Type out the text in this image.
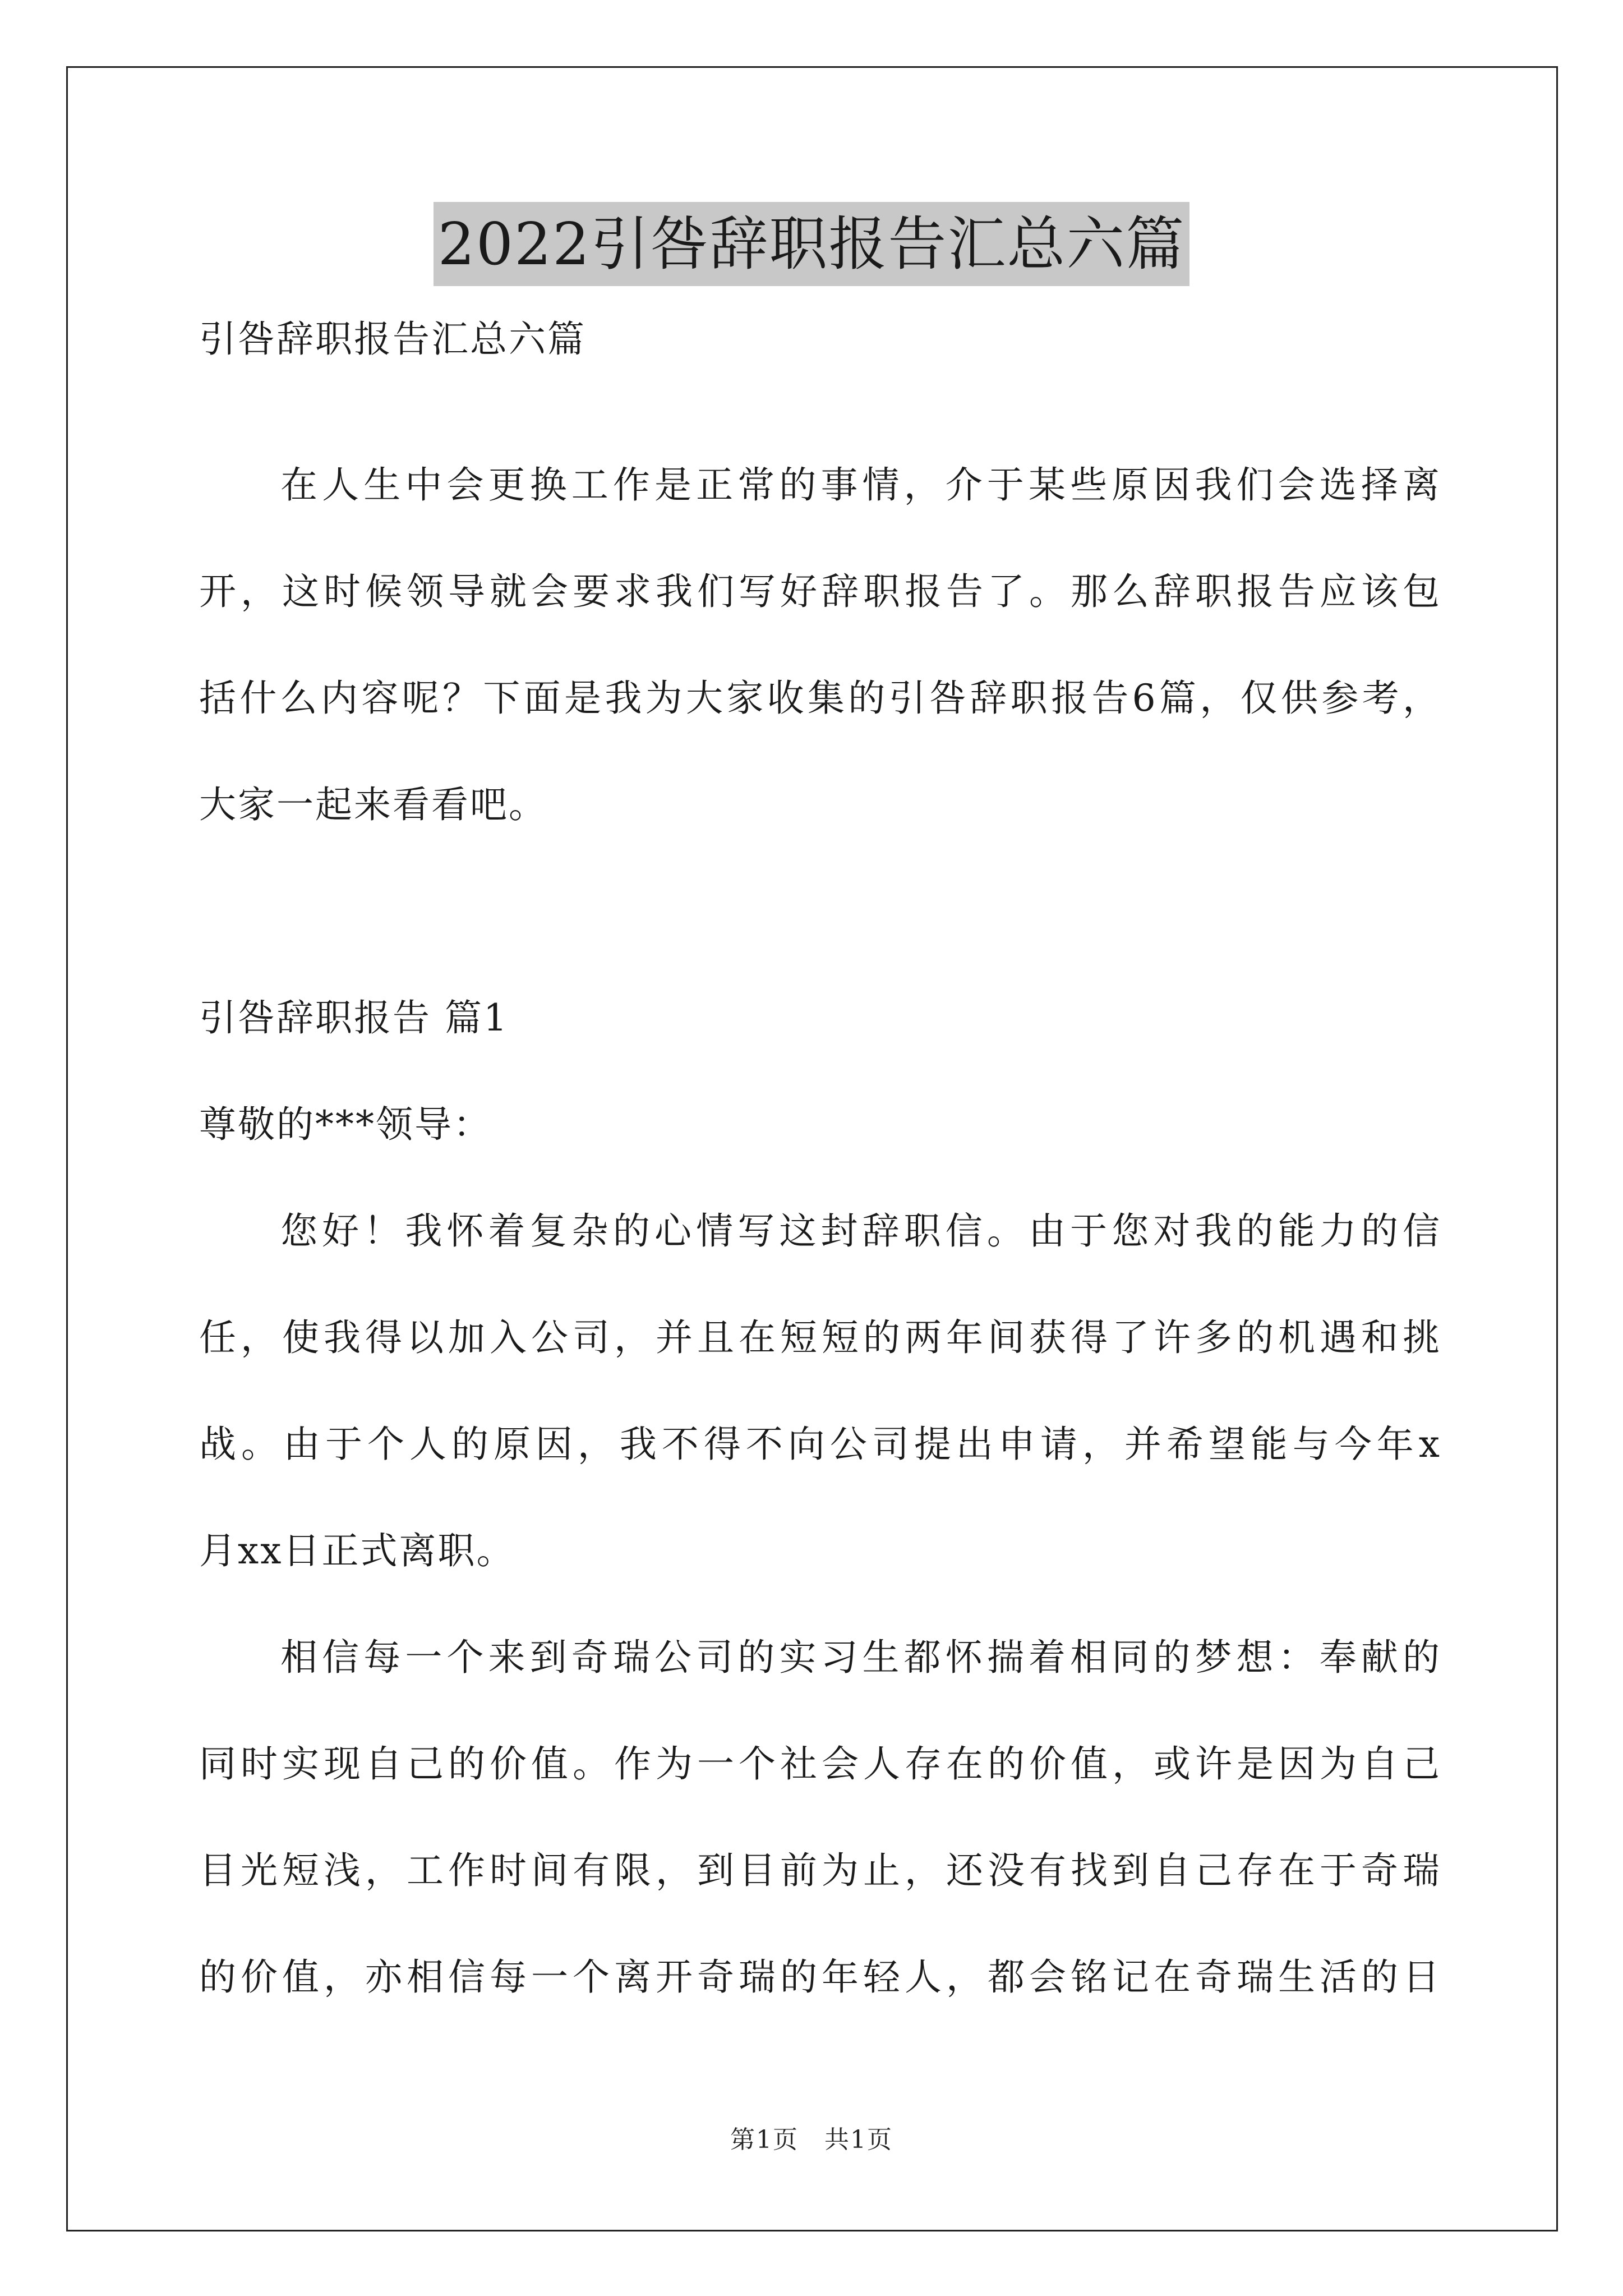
2022引咎辞职报告汇总六篇
引咎辞职报告汇总六篇
在人生中会更换工作是正常的事情，介于某些原因我们会选择离
开，这时候领导就会要求我们写好辞职报告了。那么辞职报告应该包
括什么内容呢？下面是我为大家收集的引咎辞职报告6篇，仅供参考，
大家一起来看看吧。
引咎辞职报告 篇1
尊敬的***领导：
您好！我怀着复杂的心情写这封辞职信。由于您对我的能力的信
任，使我得以加入公司，并且在短短的两年间获得了许多的机遇和挑
战。由于个人的原因，我不得不向公司提出申请，并希望能与今年x
月xx日正式离职。
相信每一个来到奇瑞公司的实习生都怀揣着相同的梦想：奉献的
同时实现自己的价值。作为一个社会人存在的价值，或许是因为自己
目光短浅，工作时间有限，到目前为止，还没有找到自己存在于奇瑞
的价值，亦相信每一个离开奇瑞的年轻人，都会铭记在奇瑞生活的日
第1页　共1页
